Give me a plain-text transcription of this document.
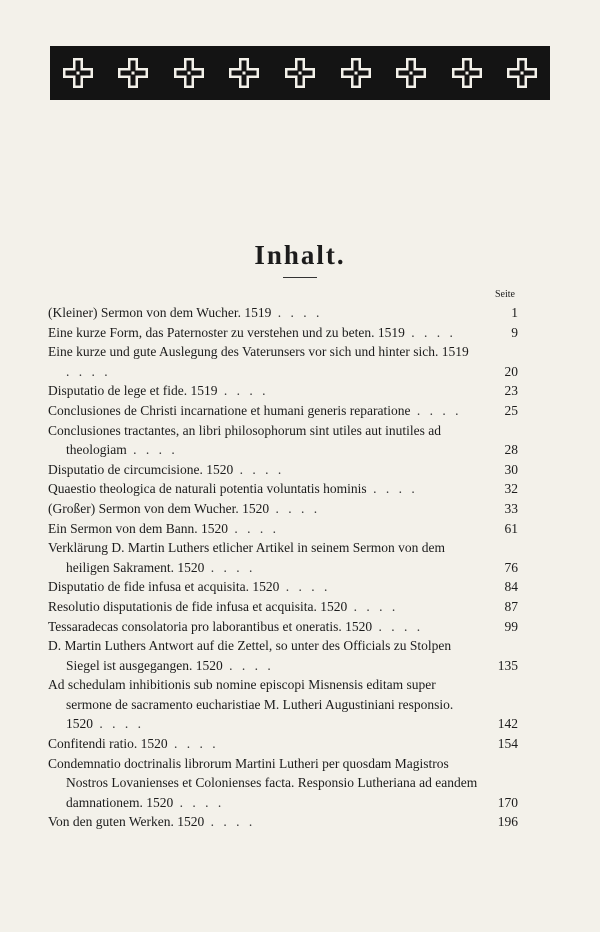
Inhalt.
Seite
(Kleiner) Sermon von dem Wucher. 1519 . . . .	1
Eine kurze Form, das Paternoster zu verstehen und zu beten. 1519 . . . .	9
Eine kurze und gute Auslegung des Vaterunsers vor sich und hinter sich. 1519 . . . .	20
Disputatio de lege et fide. 1519 . . . .	23
Conclusiones de Christi incarnatione et humani generis reparatione . . . .	25
Conclusiones tractantes, an libri philosophorum sint utiles aut inutiles ad theologiam . . . .	28
Disputatio de circumcisione. 1520 . . . .	30
Quaestio theologica de naturali potentia voluntatis hominis . . . .	32
(Großer) Sermon von dem Wucher. 1520 . . . .	33
Ein Sermon von dem Bann. 1520 . . . .	61
Verklärung D. Martin Luthers etlicher Artikel in seinem Sermon von dem heiligen Sakrament. 1520 . . . .	76
Disputatio de fide infusa et acquisita. 1520 . . . .	84
Resolutio disputationis de fide infusa et acquisita. 1520 . . . .	87
Tessaradecas consolatoria pro laborantibus et oneratis. 1520 . . . .	99
D. Martin Luthers Antwort auf die Zettel, so unter des Officials zu Stolpen Siegel ist ausgegangen. 1520 . . . .	135
Ad schedulam inhibitionis sub nomine episcopi Misnensis editam super sermone de sacramento eucharistiae M. Lutheri Augustiniani responsio. 1520 . . . .	142
Confitendi ratio. 1520 . . . .	154
Condemnatio doctrinalis librorum Martini Lutheri per quosdam Magistros Nostros Lovanienses et Colonienses facta. Responsio Lutheriana ad eandem damnationem. 1520 . . . .	170
Von den guten Werken. 1520 . . . .	196
